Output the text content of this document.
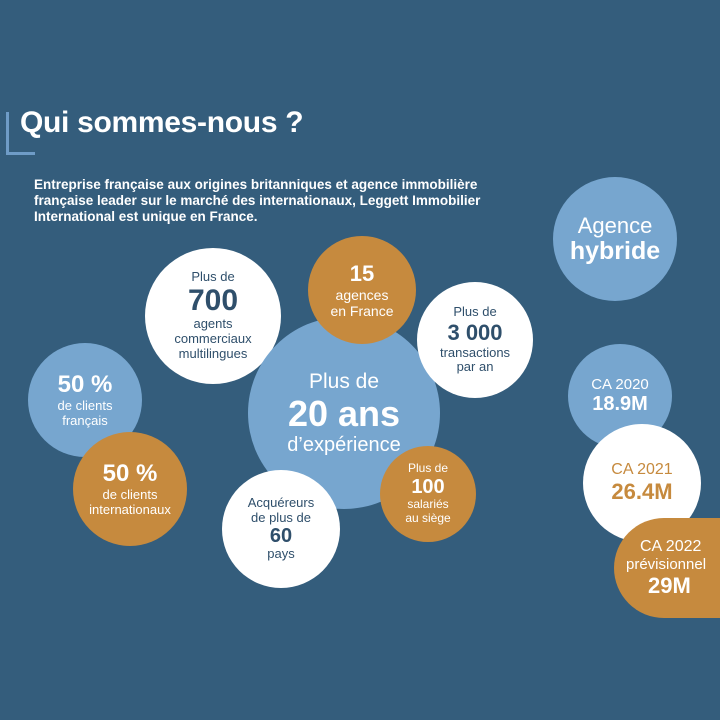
Qui sommes-nous ?

Entreprise française aux origines britanniques et agence immobilière française leader sur le marché des internationaux, Leggett Immobilier International est unique en France.	Agence
hybride
Plus de
700
agents
commerciaux
multilingues
Plus de
20 ans
d’expérience
15
agences
en France	Plus de
3 000
transactions
par an
50 %
de clients
français
50 %
de clients
internationaux	Acquéreurs
de plus de
60
pays
Plus de
100
salariés
au siège
CA 2020
18.9M
CA 2021
26.4M
CA 2022
prévisionnel
29M
